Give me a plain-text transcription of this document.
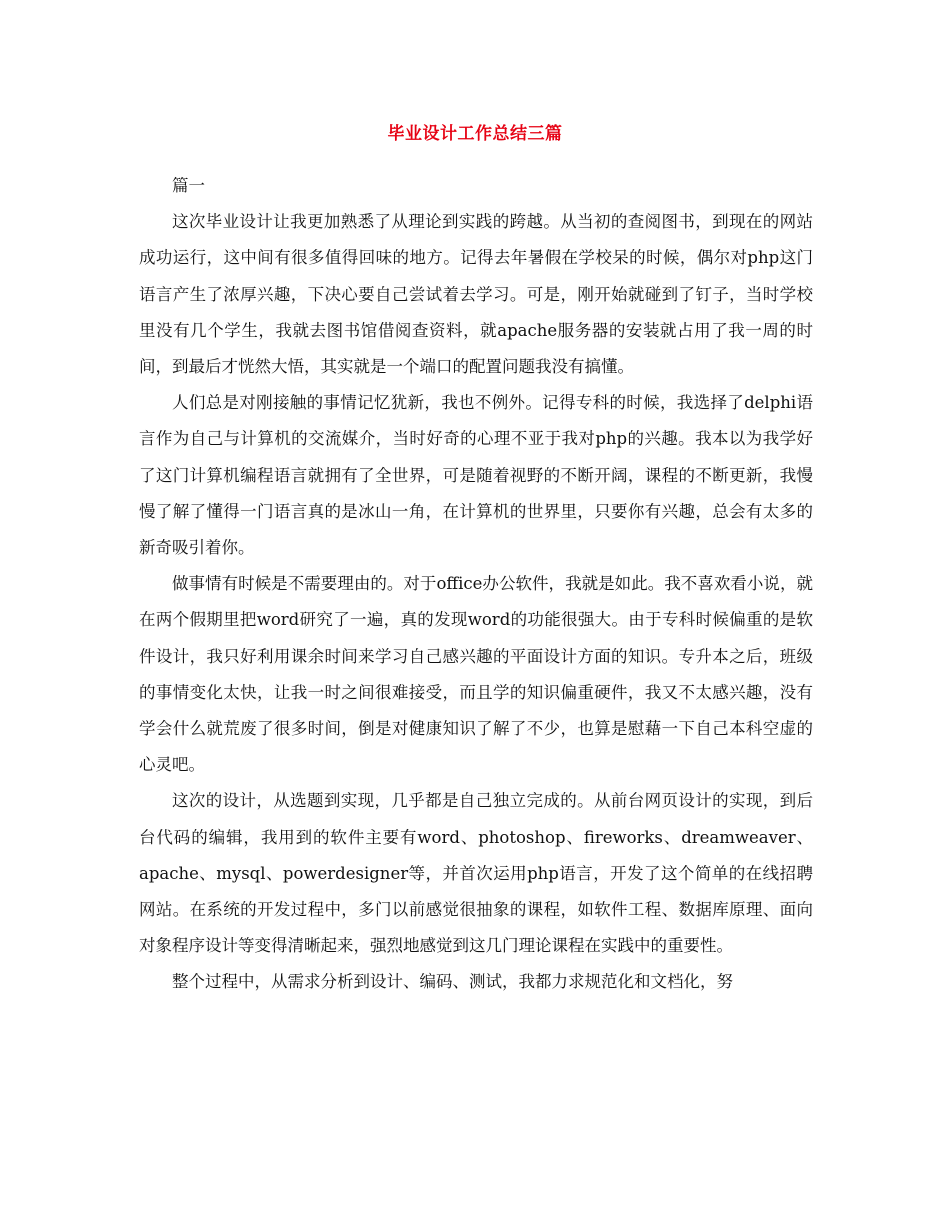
毕业设计工作总结三篇

篇一

这次毕业设计让我更加熟悉了从理论到实践的跨越。从当初的查阅图书，到现在的网站成功运行，这中间有很多值得回味的地方。记得去年暑假在学校呆的时候，偶尔对php这门语言产生了浓厚兴趣，下决心要自己尝试着去学习。可是，刚开始就碰到了钉子，当时学校里没有几个学生，我就去图书馆借阅查资料，就apache服务器的安装就占用了我一周的时间，到最后才恍然大悟，其实就是一个端口的配置问题我没有搞懂。

人们总是对刚接触的事情记忆犹新，我也不例外。记得专科的时候，我选择了delphi语言作为自己与计算机的交流媒介，当时好奇的心理不亚于我对php的兴趣。我本以为我学好了这门计算机编程语言就拥有了全世界，可是随着视野的不断开阔，课程的不断更新，我慢慢了解了懂得一门语言真的是冰山一角，在计算机的世界里，只要你有兴趣，总会有太多的新奇吸引着你。

做事情有时候是不需要理由的。对于office办公软件，我就是如此。我不喜欢看小说，就在两个假期里把word研究了一遍，真的发现word的功能很强大。由于专科时候偏重的是软件设计，我只好利用课余时间来学习自己感兴趣的平面设计方面的知识。专升本之后，班级的事情变化太快，让我一时之间很难接受，而且学的知识偏重硬件，我又不太感兴趣，没有学会什么就荒废了很多时间，倒是对健康知识了解了不少，也算是慰藉一下自己本科空虚的心灵吧。

这次的设计，从选题到实现，几乎都是自己独立完成的。从前台网页设计的实现，到后台代码的编辑，我用到的软件主要有word、photoshop、fireworks、dreamweaver、apache、mysql、powerdesigner等，并首次运用php语言，开发了这个简单的在线招聘网站。在系统的开发过程中，多门以前感觉很抽象的课程，如软件工程、数据库原理、面向对象程序设计等变得清晰起来，强烈地感觉到这几门理论课程在实践中的重要性。

整个过程中，从需求分析到设计、编码、测试，我都力求规范化和文档化，努
